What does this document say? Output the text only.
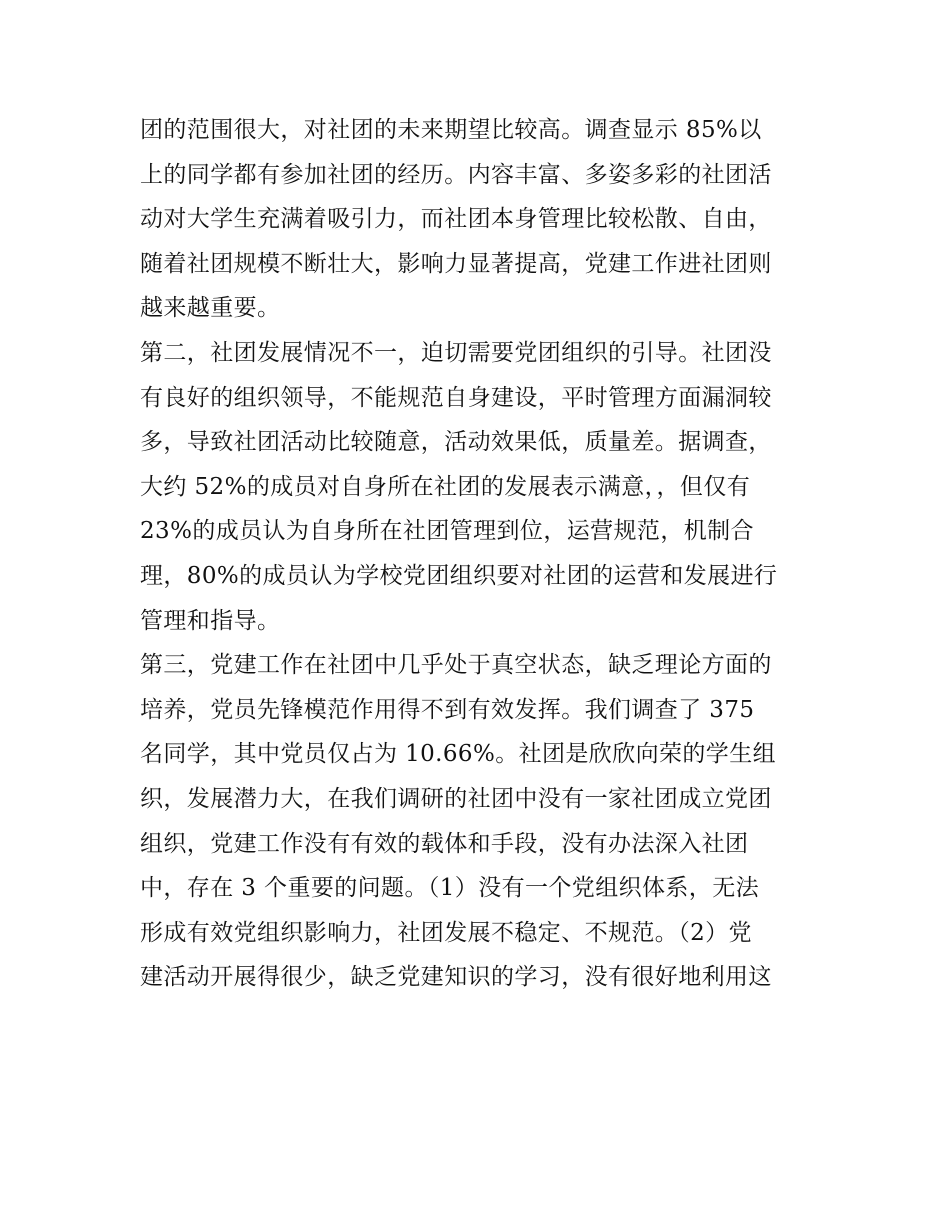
团的范围很大，对社团的未来期望比较高。调查显示 85%以
上的同学都有参加社团的经历。内容丰富、多姿多彩的社团活
动对大学生充满着吸引力，而社团本身管理比较松散、自由，
随着社团规模不断壮大，影响力显著提高，党建工作进社团则
越来越重要。
第二，社团发展情况不一，迫切需要党团组织的引导。社团没
有良好的组织领导，不能规范自身建设，平时管理方面漏洞较
多，导致社团活动比较随意，活动效果低，质量差。据调查，
大约 52%的成员对自身所在社团的发展表示满意，，但仅有
23%的成员认为自身所在社团管理到位，运营规范，机制合
理，80%的成员认为学校党团组织要对社团的运营和发展进行
管理和指导。
第三，党建工作在社团中几乎处于真空状态，缺乏理论方面的
培养，党员先锋模范作用得不到有效发挥。我们调查了 375
名同学，其中党员仅占为 10.66%。社团是欣欣向荣的学生组
织，发展潜力大，在我们调研的社团中没有一家社团成立党团
组织，党建工作没有有效的载体和手段，没有办法深入社团
中，存在 3 个重要的问题。（1）没有一个党组织体系，无法
形成有效党组织影响力，社团发展不稳定、不规范。（2）党
建活动开展得很少，缺乏党建知识的学习，没有很好地利用这
